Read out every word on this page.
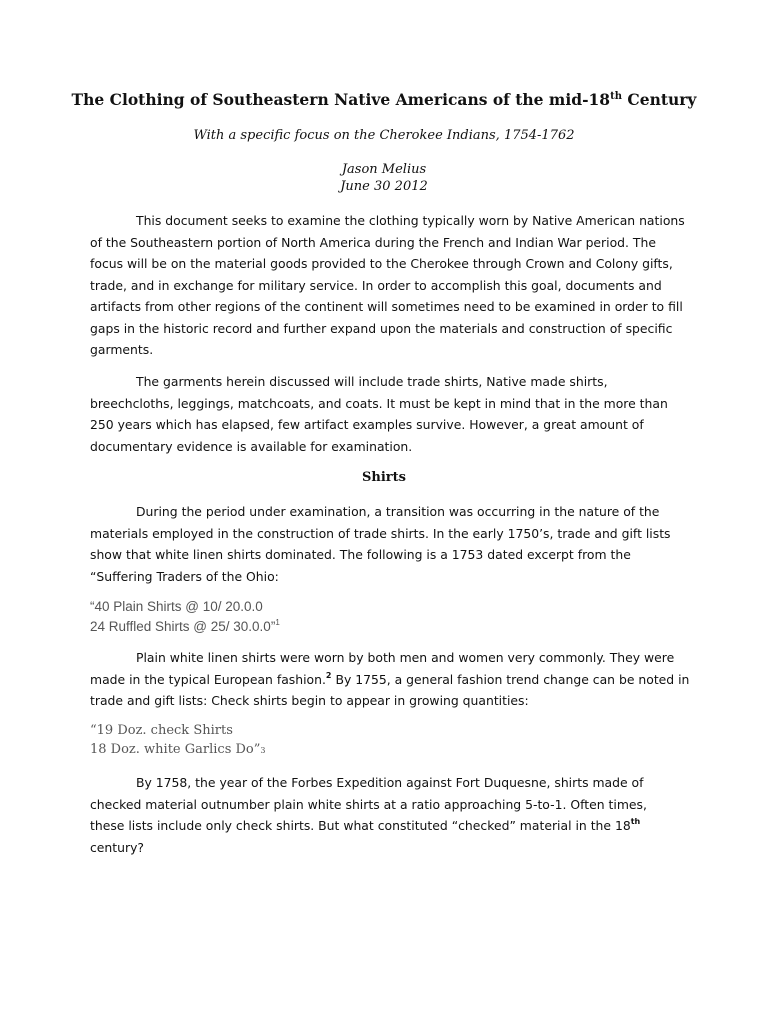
The Clothing of Southeastern Native Americans of the mid-18th Century
With a specific focus on the Cherokee Indians, 1754-1762
Jason Melius
June 30 2012

This document seeks to examine the clothing typically worn by Native American nations
of the Southeastern portion of North America during the French and Indian War period. The
focus will be on the material goods provided to the Cherokee through Crown and Colony gifts,
trade, and in exchange for military service. In order to accomplish this goal, documents and
artifacts from other regions of the continent will sometimes need to be examined in order to fill
gaps in the historic record and further expand upon the materials and construction of specific
garments.

The garments herein discussed will include trade shirts, Native made shirts,
breechcloths, leggings, matchcoats, and coats. It must be kept in mind that in the more than
250 years which has elapsed, few artifact examples survive. However, a great amount of
documentary evidence is available for examination.

Shirts

During the period under examination, a transition was occurring in the nature of the
materials employed in the construction of trade shirts. In the early 1750’s, trade and gift lists
show that white linen shirts dominated. The following is a 1753 dated excerpt from the
“Suffering Traders of the Ohio:

“40 Plain Shirts @ 10/ 20.0.0
24 Ruffled Shirts @ 25/ 30.0.0”$^1$

Plain white linen shirts were worn by both men and women very commonly. They were
made in the typical European fashion.$^2$ By 1755, a general fashion trend change can be noted in
trade and gift lists: Check shirts begin to appear in growing quantities:

“19 Doz. check Shirts
18 Doz. white Garlics Do”3

By 1758, the year of the Forbes Expedition against Fort Duquesne, shirts made of
checked material outnumber plain white shirts at a ratio approaching 5-to-1. Often times,
these lists include only check shirts. But what constituted “checked” material in the 18th
century?
